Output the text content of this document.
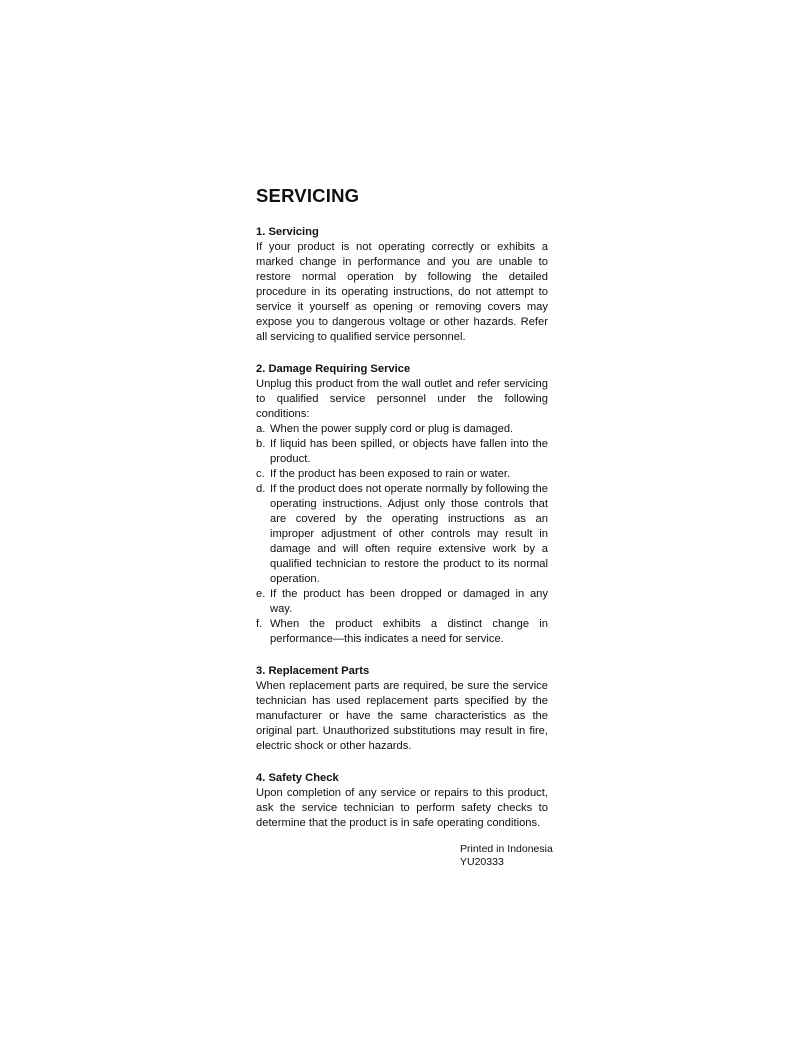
SERVICING
1. Servicing

If your product is not operating correctly or exhibits a marked change in performance and you are unable to restore normal operation by following the detailed procedure in its operating instructions, do not attempt to service it yourself as opening or removing covers may expose you to dangerous voltage or other hazards. Refer all servicing to qualified service personnel.

2. Damage Requiring Service

Unplug this product from the wall outlet and refer servicing to qualified service personnel under the following conditions:

a. When the power supply cord or plug is damaged.
b. If liquid has been spilled, or objects have fallen into the product.
c. If the product has been exposed to rain or water.
d. If the product does not operate normally by following the operating instructions. Adjust only those controls that are covered by the operating instructions as an improper adjustment of other controls may result in damage and will often require extensive work by a qualified technician to restore the product to its normal operation.
e. If the product has been dropped or damaged in any way.
f. When the product exhibits a distinct change in performance—this indicates a need for service.
3. Replacement Parts

When replacement parts are required, be sure the service technician has used replacement parts specified by the manufacturer or have the same characteristics as the original part. Unauthorized substitutions may result in fire, electric shock or other hazards.

4. Safety Check

Upon completion of any service or repairs to this product, ask the service technician to perform safety checks to determine that the product is in safe operating conditions.

Printed in Indonesia
YU20333
